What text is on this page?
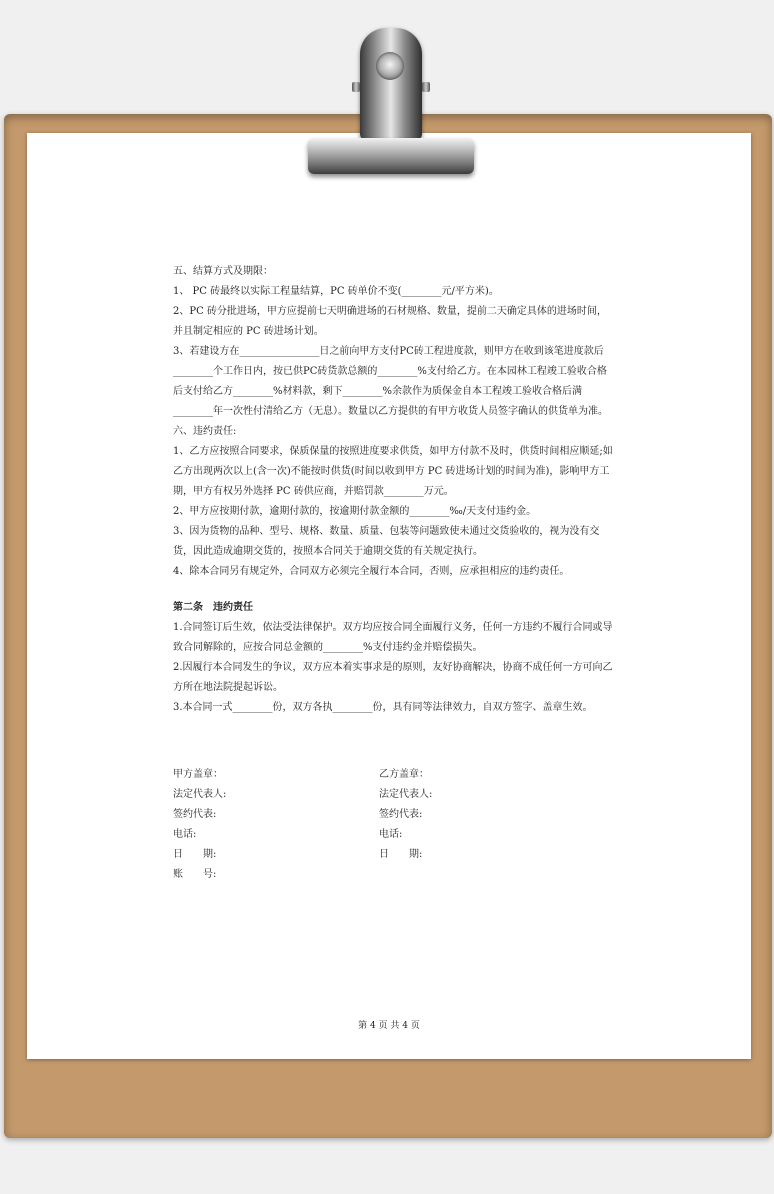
五、结算方式及期限：

1、 PC 砖最终以实际工程量结算，PC 砖单价不变(________元/平方米)。

2、PC 砖分批进场，甲方应提前七天明确进场的石材规格、数量，提前二天确定具体的进场时间，并且制定相应的 PC 砖进场计划。

3、若建设方在________________日之前向甲方支付PC砖工程进度款，则甲方在收到该笔进度款后________个工作日内，按已供PC砖货款总额的________%支付给乙方。在本园林工程竣工验收合格后支付给乙方________%材料款，剩下________%余款作为质保金自本工程竣工验收合格后满________年一次性付清给乙方（无息）。数量以乙方提供的有甲方收货人员签字确认的供货单为准。

六、违约责任:

1、乙方应按照合同要求，保质保量的按照进度要求供货，如甲方付款不及时，供货时间相应顺延;如乙方出现两次以上(含一次)不能按时供货(时间以收到甲方 PC 砖进场计划的时间为准)，影响甲方工期，甲方有权另外选择 PC 砖供应商，并赔罚款________万元。

2、甲方应按期付款，逾期付款的，按逾期付款金额的________‰/天支付违约金。

3、因为货物的品种、型号、规格、数量、质量、包装等问题致使未通过交货验收的，视为没有交货，因此造成逾期交货的，按照本合同关于逾期交货的有关规定执行。

4、除本合同另有规定外，合同双方必须完全履行本合同，否则，应承担相应的违约责任。

第二条　违约责任

1.合同签订后生效，依法受法律保护。双方均应按合同全面履行义务，任何一方违约不履行合同或导致合同解除的，应按合同总金额的________%支付违约金并赔偿损失。

2.因履行本合同发生的争议，双方应本着实事求是的原则，友好协商解决，协商不成任何一方可向乙方所在地法院提起诉讼。

3.本合同一式________份，双方各执________份，具有同等法律效力，自双方签字、盖章生效。

甲方盖章：	乙方盖章：
法定代表人:	法定代表人:
签约代表:	签约代表:
电话:	电话:
日　　期:	日　　期:
账　　号:
第 4 页 共 4 页
